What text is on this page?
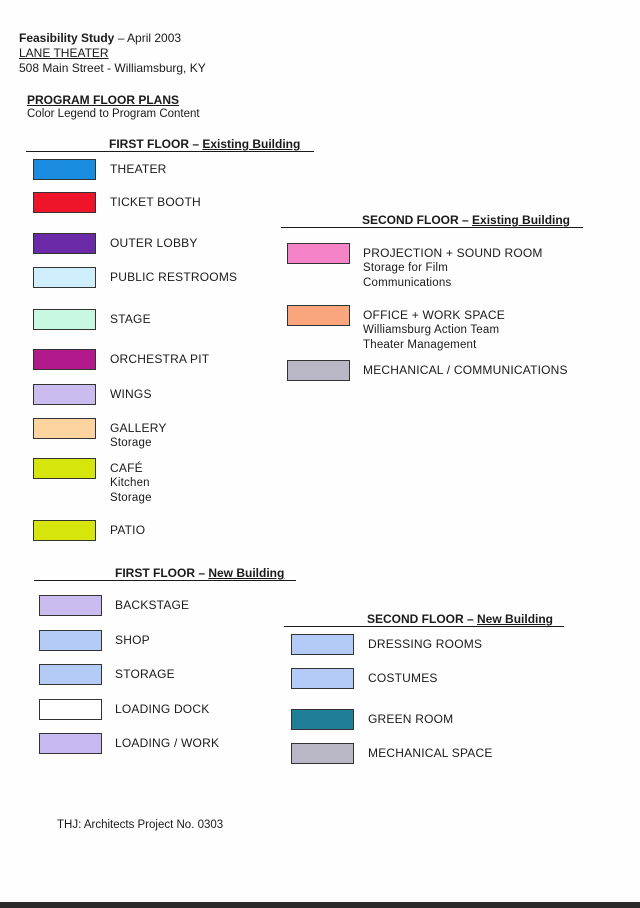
Feasibility Study – April 2003
LANE THEATER
508 Main Street - Williamsburg, KY
PROGRAM FLOOR PLANS
Color Legend to Program Content
FIRST FLOOR – Existing Building
THEATER
TICKET BOOTH
OUTER LOBBY
PUBLIC RESTROOMS
STAGE
ORCHESTRA PIT
WINGS
GALLERY
Storage
CAFÉ
Kitchen
Storage
PATIO
SECOND FLOOR – Existing Building
PROJECTION + SOUND ROOM
Storage for Film
Communications
OFFICE + WORK SPACE
Williamsburg Action Team
Theater Management
MECHANICAL / COMMUNICATIONS
FIRST FLOOR – New Building
BACKSTAGE
SHOP
STORAGE
LOADING DOCK
LOADING / WORK
SECOND FLOOR – New Building
DRESSING ROOMS
COSTUMES
GREEN ROOM
MECHANICAL SPACE
THJ: Architects Project No. 0303
